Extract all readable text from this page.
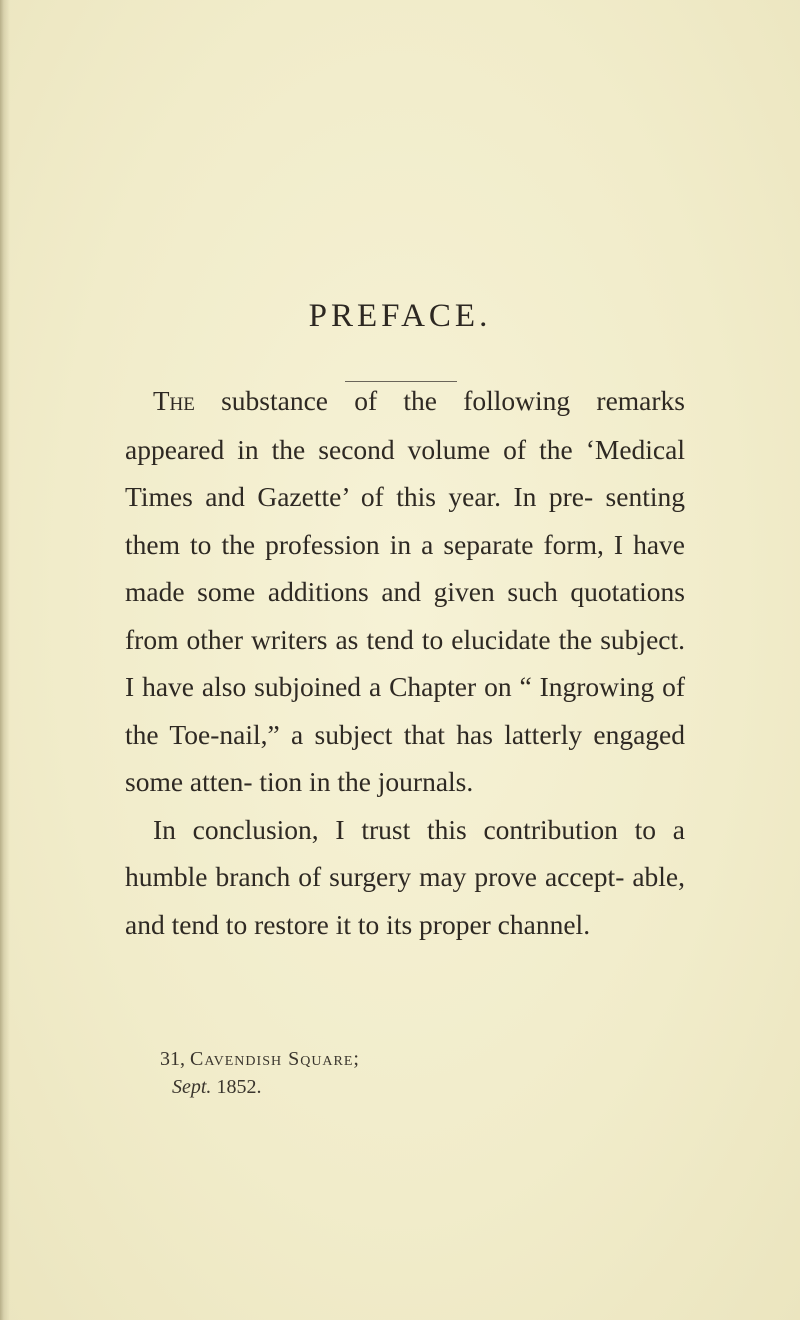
PREFACE.

The substance of the following remarks appeared in the second volume of the ‘Medical Times and Gazette’ of this year. In pre- senting them to the profession in a separate form, I have made some additions and given such quotations from other writers as tend to elucidate the subject. I have also subjoined a Chapter on “ Ingrowing of the Toe-nail,” a subject that has latterly engaged some atten- tion in the journals.

In conclusion, I trust this contribution to a humble branch of surgery may prove accept- able, and tend to restore it to its proper channel.

31, Cavendish Square;
Sept. 1852.
